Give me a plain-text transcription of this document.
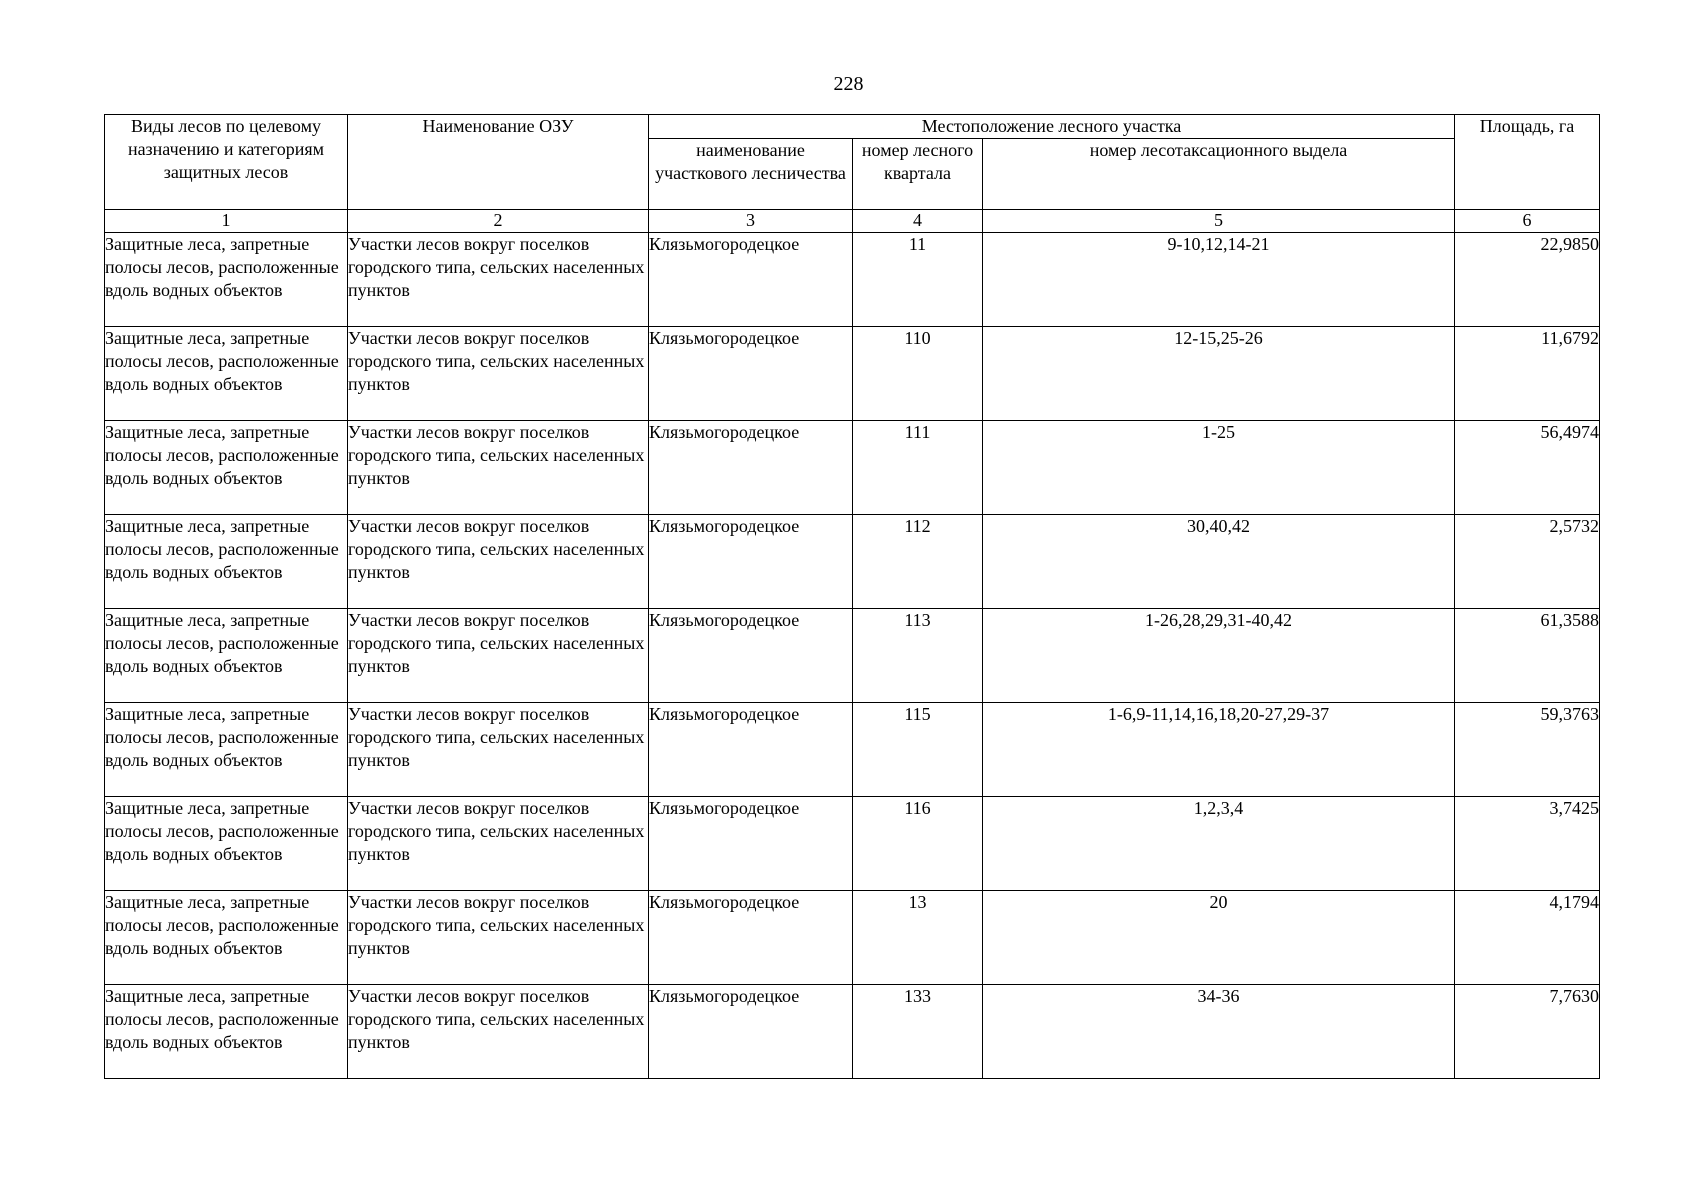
228
Виды лесов по целевому назначению и категориям защитных лесов	Наименование ОЗУ	Местоположение лесного участка			Площадь, га
		наименование участкового лесничества	номер лесного квартала	номер лесотаксационного выдела	
1	2	3	4	5	6
Защитные леса, запретные полосы лесов, расположенные вдоль водных объектов	Участки лесов вокруг поселков городского типа, сельских населенных пунктов	Клязьмогородецкое	11	9-10,12,14-21	22,9850
Защитные леса, запретные полосы лесов, расположенные вдоль водных объектов	Участки лесов вокруг поселков городского типа, сельских населенных пунктов	Клязьмогородецкое	110	12-15,25-26	11,6792
Защитные леса, запретные полосы лесов, расположенные вдоль водных объектов	Участки лесов вокруг поселков городского типа, сельских населенных пунктов	Клязьмогородецкое	111	1-25	56,4974
Защитные леса, запретные полосы лесов, расположенные вдоль водных объектов	Участки лесов вокруг поселков городского типа, сельских населенных пунктов	Клязьмогородецкое	112	30,40,42	2,5732
Защитные леса, запретные полосы лесов, расположенные вдоль водных объектов	Участки лесов вокруг поселков городского типа, сельских населенных пунктов	Клязьмогородецкое	113	1-26,28,29,31-40,42	61,3588
Защитные леса, запретные полосы лесов, расположенные вдоль водных объектов	Участки лесов вокруг поселков городского типа, сельских населенных пунктов	Клязьмогородецкое	115	1-6,9-11,14,16,18,20-27,29-37	59,3763
Защитные леса, запретные полосы лесов, расположенные вдоль водных объектов	Участки лесов вокруг поселков городского типа, сельских населенных пунктов	Клязьмогородецкое	116	1,2,3,4	3,7425
Защитные леса, запретные полосы лесов, расположенные вдоль водных объектов	Участки лесов вокруг поселков городского типа, сельских населенных пунктов	Клязьмогородецкое	13	20	4,1794
Защитные леса, запретные полосы лесов, расположенные вдоль водных объектов	Участки лесов вокруг поселков городского типа, сельских населенных пунктов	Клязьмогородецкое	133	34-36	7,7630
